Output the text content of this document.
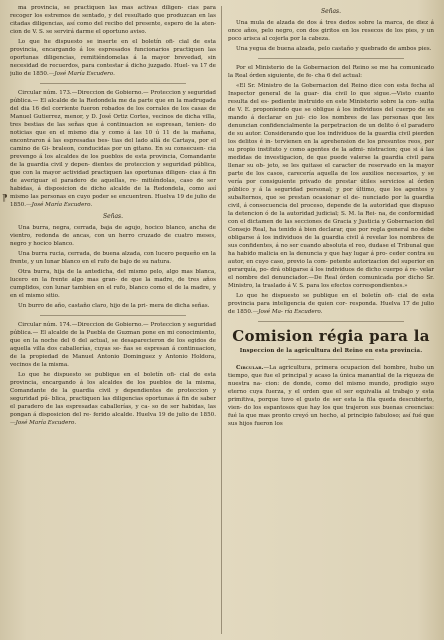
⁋

ma provincia, se practiquen las mas activas diligen- cias para recoger los estremos de sentado, y del resultado que produzcan en las citadas diligencias, así como del recibo del presente, espero de la aten- cion de V. S. se servirá darme el oportuno aviso.

Lo que he dispuesto se inserte en el boletín ofi- cial de esta provincia, encargando á los espresados funcionarios practiquen las oportunas diligencias, remitiéndomelas á la mayor brevedad, sin necesidad de recuerdos, para contestar á dicho juzgado. Huel- va 17 de julio de 1850.—José María Escudero.

Circular núm. 173.—Direccion de Gobierno.— Proteccion y seguridad pública.— El alcalde de la Redondela me da parte que en la madrugada del dia 16 del corriente fueron robados de los corrales de los casas de Manuel Gutierrez, menor, y D. José Ortiz Cortes, vecinos de dicha villa, tres bestias de las señas que á continuacion se espresan, tenien- do noticias que en el mismo dia y como á las 10 ú 11 de la mañana, encontraron á las espresadas bes- tias del lado allá de Cartaya, por el camino de Gi- braleon, conducidas por un gitano. En su consecuen- cia prevengo á los alcaldes de los pueblos de esta provincia, Comandante de la guardia civil y depen- dientes de proteccion y seguridad pública, que con la mayor actividad practiquen las oportunas diligen- cias á fin de averiguar el paradero de aquellas, re- mitiéndolas, caso de ser habidas, á disposicion de dicho alcalde de la Redondela, como así mismo las personas en cuyo poder se encuentren. Huelva 19 de julio de 1850.—José María Escudero.

Señas.

Una burra, negra, cerrada, baja de agujo, hocico blanco, ancha de vientro, redonda de ancas, con un herro cruzado de cuatro meses, negro y hocico blanco.

Una burra rucia, cerrada, de buena alzada, con lucero pequeño en la frente, y un lunar blanco en el rufo de bajo de su natura.

Otra burra, hija de la antedicha, del mismo pelo, algo mas blanca, lucero en la frente algo mas gran- de que la madre, de tres años cumplidos, con lunar tambien en el rufo, blanco como el de la madre, y en el mismo sitio.

Un burro de año, castaño claro, hijo de la pri- mera de dicha señas.

Circular núm. 174.—Direccion de Gobierno.— Proteccion y seguridad pública.— El alcalde de la Puebla de Guzman pone en mi conocimiento, que en la noche del 6 del actual, se desaparecieron de los egidos de aquella villa dos caballerías, cuyas se- ñas se espresan á continuacion, de la propiedad de Manuel Antonio Dominguez y Antonio Holdora, vecinos de la misma.

Lo que he dispuesto se publique en el boletín ofi- cial de esta provincia, encargando á los alcaldes de los pueblos de la misma, Comandante de la guardia civil y dependientes de proteccion y seguridad pú- blica, practiquen las diligencias oportunas á fin de saber el paradero de las espresadas caballerías, y ca- so de ser habidas, las pongan á disposicion del re- ferido alcalde. Huelva 19 de julio de 1850.—José María Escudero.

Señas.

Una mula de alzada de dos á tres dedos sobre la marca, de diez á once años, pelo negro, con dos giritos en los resecos de los pies, y un poco arisca al cojerla por la cabeza.

Una yegua de buena alzada, pelo castaño y quebrado de ambos pies.

Por el Ministerio de la Gobernacion del Reino se me ha comunicado la Real órden siguiente, de fe- cha 6 del actual:

«El Sr. Ministro de la Gobernacion del Reino dice con esta fecha al Inspector general de la guar- dia civil lo que sigue.—Visto cuanto resulta del es- pediente instruido en este Ministerio sobre la con- sulta de V. E. proponiendo que se obligue á los individuos del cuerpo de su mando á declarar en jui- cio los nombres de las personas que les denuncian confidencialmente la perpetracion de un delito ó el paradero de su autor. Considerando que los individuos de la guardia civil pierden los delitos é in- tervienen en la aprehension de los presuntos reos, por su propio instituto y como agentes de la admi- nistracion; que si á las medidas de investigacion, de que puede valerse la guardia civil para llenar su ob- jeto, se les quitase el caracter de reservado en la mayor parte de los casos, carecería aquella de los auxilios necesarios, y se vería por consiguiente privado de prestar útiles servicios al órden público y á la seguridad personal; y por último, que los agentes y subalternos, que se prestan ocasionar el de- nunciado por la guardia civil, á consecuencia del proceso, depende de la autoridad que dispuso la detencion ó de la autoridad judicial; S. M. la Rei- na, de conformidad con el dictamen de las secciones de Gracia y Justicia y Gobernacion del Consejo Real, ha tenido á bien declarar, que por regla general no debe obligarse á los individuos de la guardia civil á revelar los nombres de sus confidentes, á no ser cuando absoluta el reo, dudase el Tribunal que ha habido malicia en la denuncia y que hay lugar á pro- ceder contra su autor, en cuyo caso, previo la com- petente autorizacion del superior en gerarquía, po- drá obligarse á los individuos de dicho cuerpo á re- velar el nombre del denunciador.—De Real órden comunicada por dicho Sr. Ministro, la traslado á V. S. para los efectos correspondientes.»

Lo que he dispuesto se publique en el boletín ofi- cial de esta provincia para inteligencia de quien cor- responda. Huelva 17 de julio de 1850.—José Ma- ría Escudero.

Comision régia para la
Inspeccion de la agricultura del Reino en esta provincia.

Circular.—La agricultura, primera ocupacion del hombre, hubo un tiempo, que fue el principal y acaso la única manantial de la riqueza de nuestra na- cion: de donde, como del mismo mundo, prodigio suyo eterno cuya fuerza, y el orden que el ser equivalia al trabajo y esta primitiva, porque tuvo el gusto de ser esta la fila queda descubierto, vien- do los espantosos que hay los que trajeron sus buenas creencias: fué la que mas pronto creyó un hecho, al principio fabuloso; así fué que sus hijos fueron los
